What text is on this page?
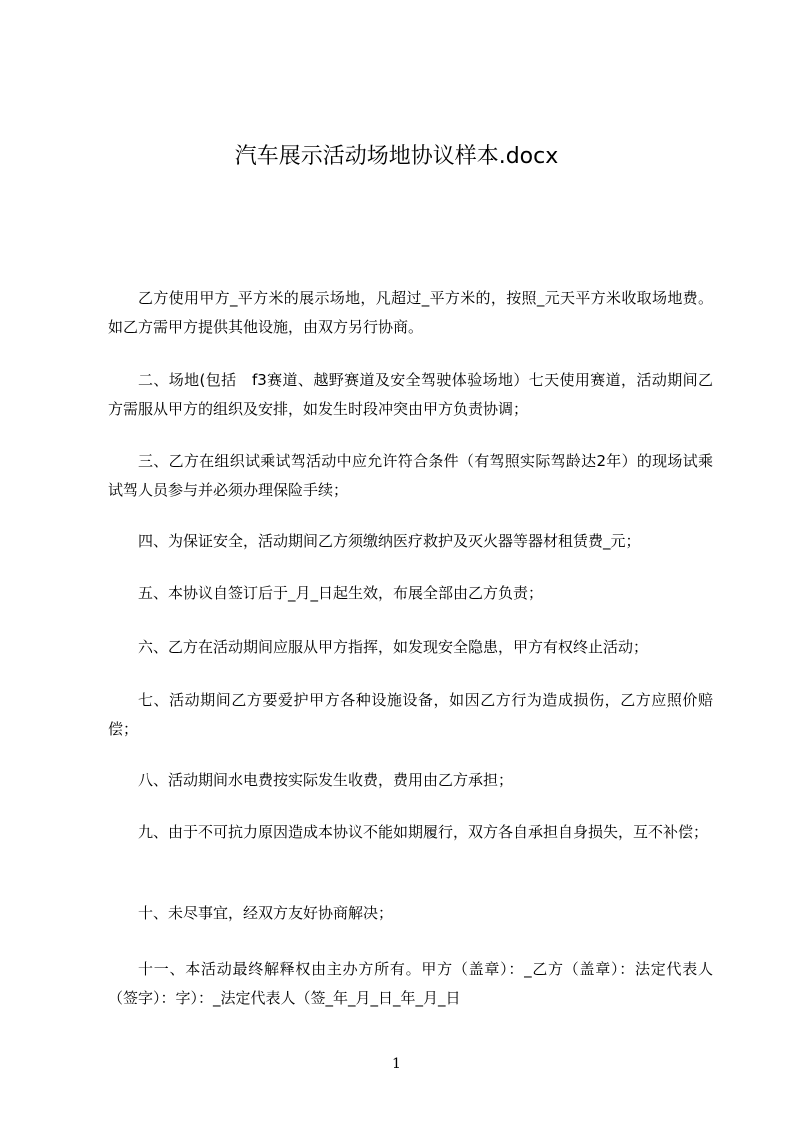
汽车展示活动场地协议样本.docx

乙方使用甲方_平方米的展示场地，凡超过_平方米的，按照_元天平方米收取场地费。如乙方需甲方提供其他设施，由双方另行协商。

二、场地(包括　f3赛道、越野赛道及安全驾驶体验场地）七天使用赛道，活动期间乙方需服从甲方的组织及安排，如发生时段冲突由甲方负责协调；

三、乙方在组织试乘试驾活动中应允许符合条件（有驾照实际驾龄达2年）的现场试乘试驾人员参与并必须办理保险手续；

四、为保证安全，活动期间乙方须缴纳医疗救护及灭火器等器材租赁费_元；

五、本协议自签订后于_月_日起生效，布展全部由乙方负责；

六、乙方在活动期间应服从甲方指挥，如发现安全隐患，甲方有权终止活动；

七、活动期间乙方要爱护甲方各种设施设备，如因乙方行为造成损伤，乙方应照价赔偿；

八、活动期间水电费按实际发生收费，费用由乙方承担；

九、由于不可抗力原因造成本协议不能如期履行，双方各自承担自身损失，互不补偿；

十、未尽事宜，经双方友好协商解决；

十一、本活动最终解释权由主办方所有。甲方（盖章）：_乙方（盖章）：法定代表人（签字）：字）：_法定代表人（签_年_月_日_年_月_日

1
